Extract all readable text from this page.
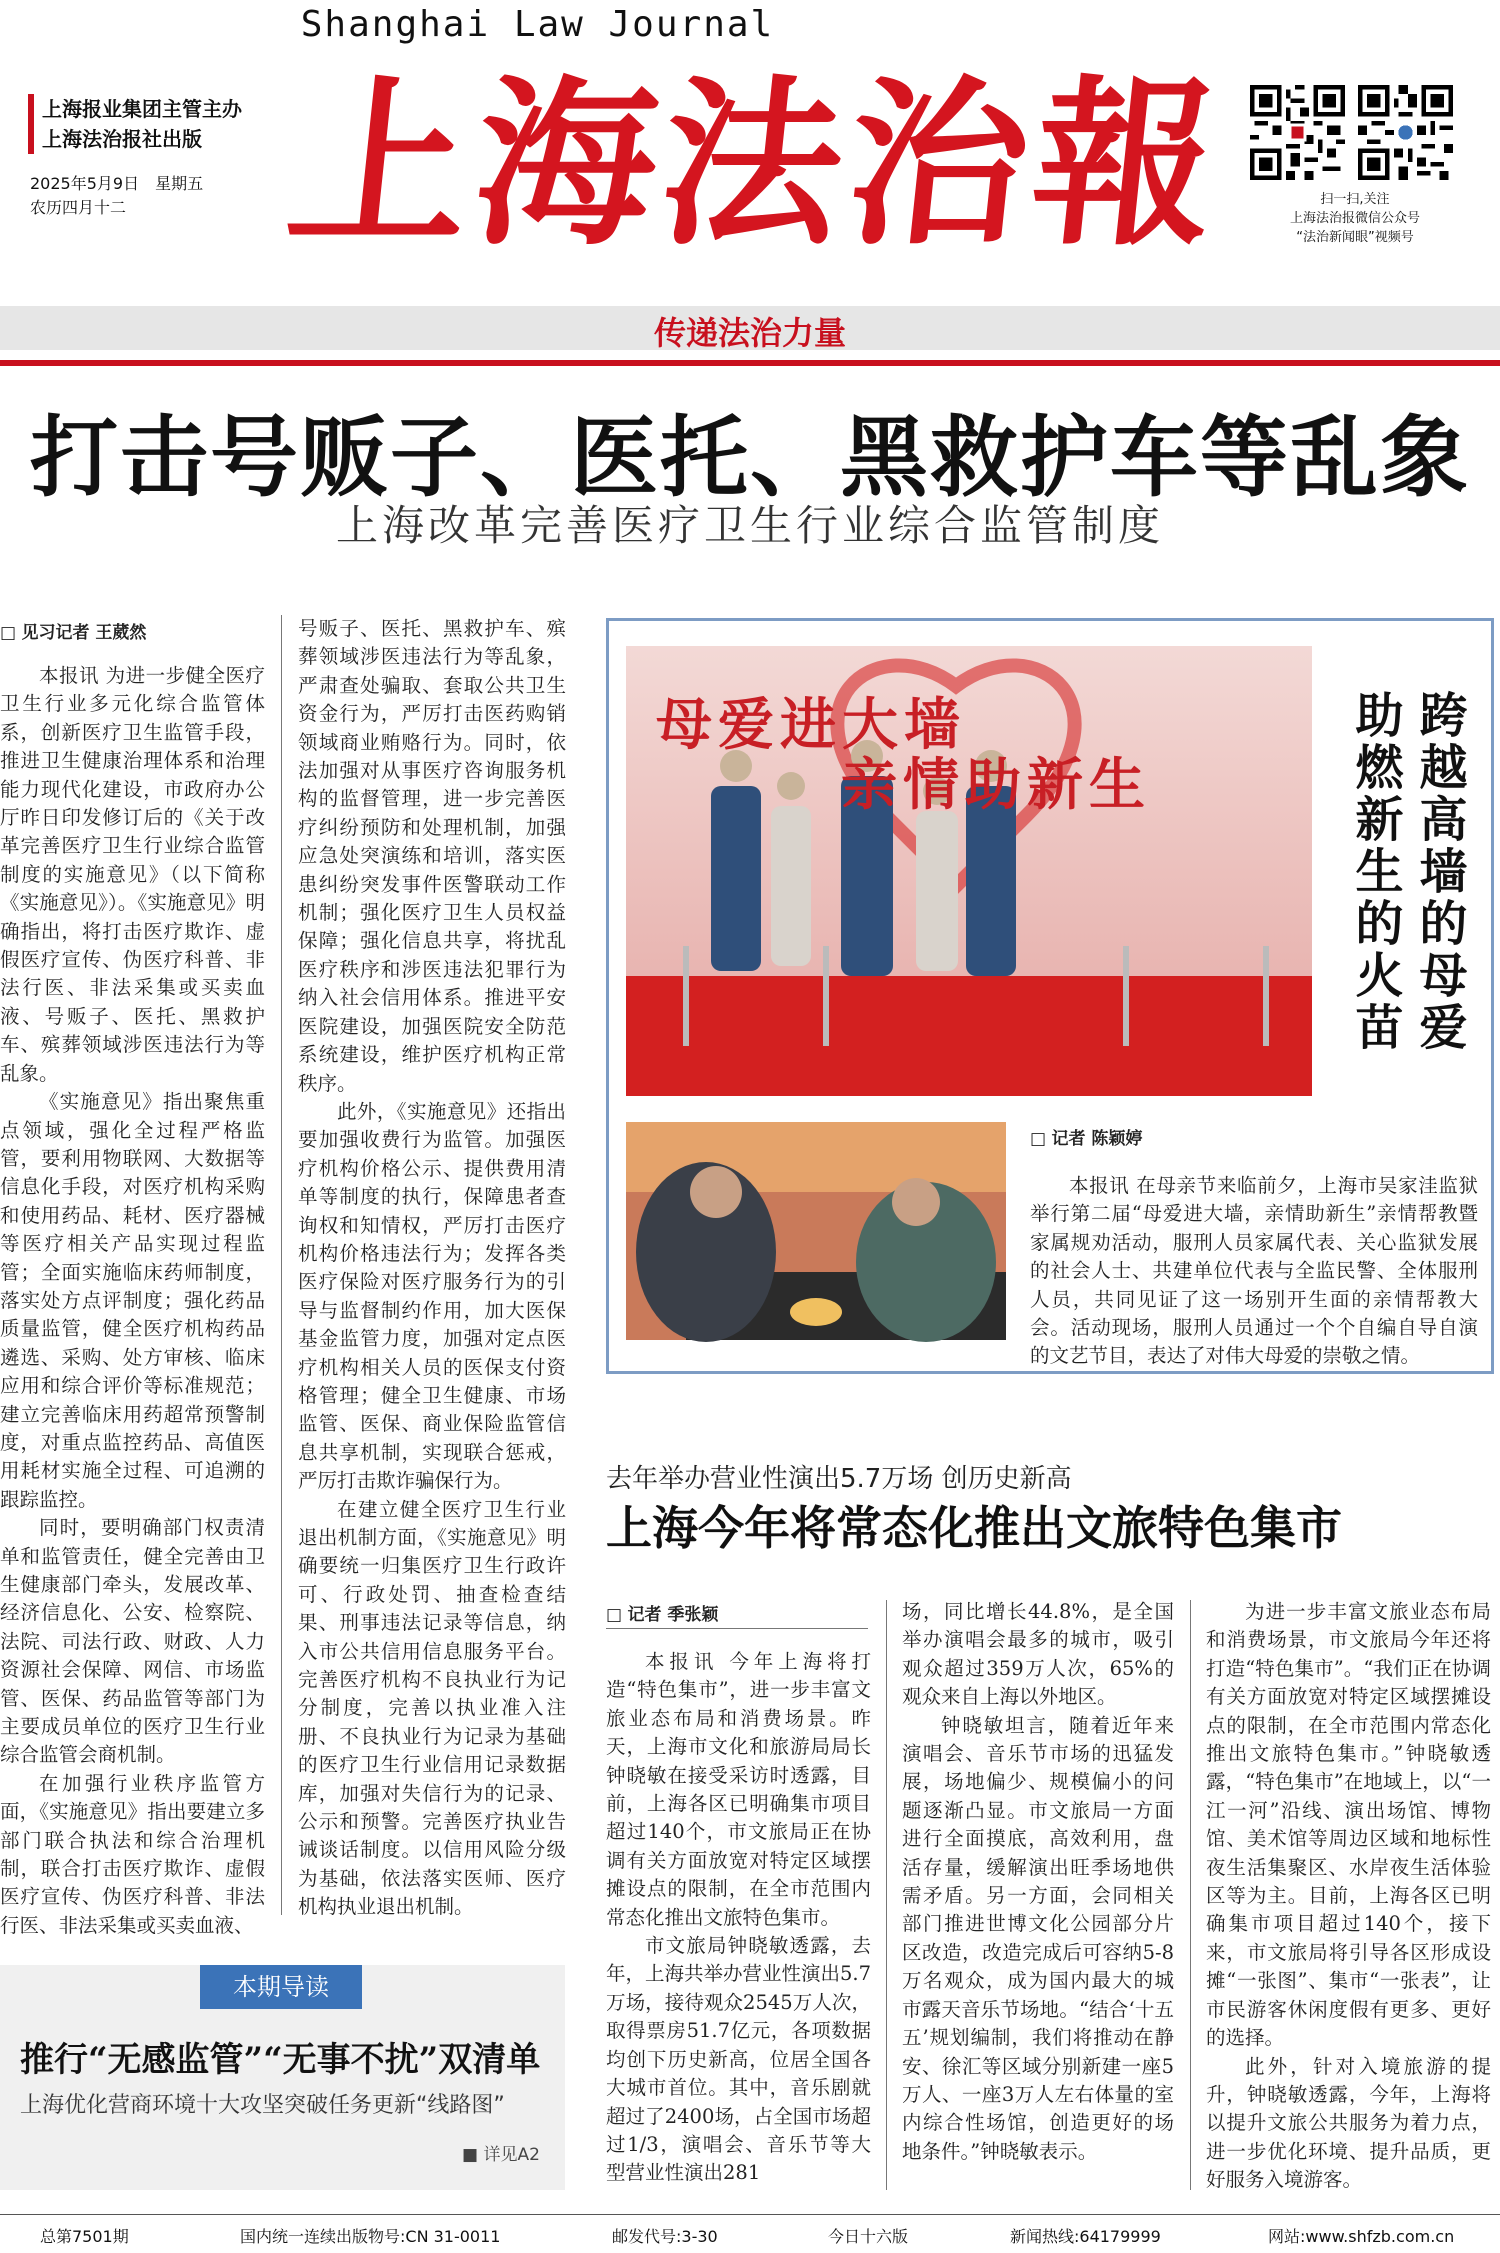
Shanghai Law Journal
上海报业集团主管主办
上海法治报社出版
2025年5月9日　星期五
农历四月十二 上海法治報	扫一扫,关注
上海法治报微信公众号
“法治新闻眼”视频号
传递法治力量
打击号贩子、医托、黑救护车等乱象
上海改革完善医疗卫生行业综合监管制度
□ 见习记者 王葳然

本报讯 为进一步健全医疗卫生行业多元化综合监管体系，创新医疗卫生监管手段，推进卫生健康治理体系和治理能力现代化建设，市政府办公厅昨日印发修订后的《关于改革完善医疗卫生行业综合监管制度的实施意见》（以下简称《实施意见》）。《实施意见》明确指出，将打击医疗欺诈、虚假医疗宣传、伪医疗科普、非法行医、非法采集或买卖血液、号贩子、医托、黑救护车、殡葬领域涉医违法行为等乱象。

《实施意见》指出聚焦重点领域，强化全过程严格监管，要利用物联网、大数据等信息化手段，对医疗机构采购和使用药品、耗材、医疗器械等医疗相关产品实现过程监管；全面实施临床药师制度，落实处方点评制度；强化药品质量监管，健全医疗机构药品遴选、采购、处方审核、临床应用和综合评价等标准规范；建立完善临床用药超常预警制度，对重点监控药品、高值医用耗材实施全过程、可追溯的跟踪监控。

同时，要明确部门权责清单和监管责任，健全完善由卫生健康部门牵头，发展改革、经济信息化、公安、检察院、法院、司法行政、财政、人力资源社会保障、网信、市场监管、医保、药品监管等部门为主要成员单位的医疗卫生行业综合监管会商机制。

在加强行业秩序监管方面，《实施意见》指出要建立多部门联合执法和综合治理机制，联合打击医疗欺诈、虚假医疗宣传、伪医疗科普、非法行医、非法采集或买卖血液、

号贩子、医托、黑救护车、殡葬领域涉医违法行为等乱象，严肃查处骗取、套取公共卫生资金行为，严厉打击医药购销领域商业贿赂行为。同时，依法加强对从事医疗咨询服务机构的监督管理，进一步完善医疗纠纷预防和处理机制，加强应急处突演练和培训，落实医患纠纷突发事件医警联动工作机制；强化医疗卫生人员权益保障；强化信息共享，将扰乱医疗秩序和涉医违法犯罪行为纳入社会信用体系。推进平安医院建设，加强医院安全防范系统建设，维护医疗机构正常秩序。

此外，《实施意见》还指出要加强收费行为监管。加强医疗机构价格公示、提供费用清单等制度的执行，保障患者查询权和知情权，严厉打击医疗机构价格违法行为；发挥各类医疗保险对医疗服务行为的引导与监督制约作用，加大医保基金监管力度，加强对定点医疗机构相关人员的医保支付资格管理；健全卫生健康、市场监管、医保、商业保险监管信息共享机制，实现联合惩戒，严厉打击欺诈骗保行为。

在建立健全医疗卫生行业退出机制方面，《实施意见》明确要统一归集医疗卫生行政许可、行政处罚、抽查检查结果、刑事违法记录等信息，纳入市公共信用信息服务平台。完善医疗机构不良执业行为记分制度，完善以执业准入注册、不良执业行为记录为基础的医疗卫生行业信用记录数据库，加强对失信行为的记录、公示和预警。完善医疗执业告诫谈话制度。以信用风险分级为基础，依法落实医师、医疗机构执业退出机制。

母爱进大墙
亲情助新生	跨越高墙的母爱
助燃新生的火苗
□ 记者 陈颖婷

本报讯 在母亲节来临前夕，上海市吴家洼监狱举行第二届“母爱进大墙，亲情助新生”亲情帮教暨家属规劝活动，服刑人员家属代表、关心监狱发展的社会人士、共建单位代表与全监民警、全体服刑人员，共同见证了这一场别开生面的亲情帮教大会。活动现场，服刑人员通过一个个自编自导自演的文艺节目，表达了对伟大母爱的崇敬之情。

去年举办营业性演出5.7万场 创历史新高
上海今年将常态化推出文旅特色集市
□ 记者 季张颖

本报讯 今年上海将打造“特色集市”，进一步丰富文旅业态布局和消费场景。昨天，上海市文化和旅游局局长钟晓敏在接受采访时透露，目前，上海各区已明确集市项目超过140个，市文旅局正在协调有关方面放宽对特定区域摆摊设点的限制，在全市范围内常态化推出文旅特色集市。

市文旅局钟晓敏透露，去年，上海共举办营业性演出5.7万场，接待观众2545万人次，取得票房51.7亿元，各项数据均创下历史新高，位居全国各大城市首位。其中，音乐剧就超过了2400场，占全国市场超过1/3，演唱会、音乐节等大型营业性演出281

场，同比增长44.8%，是全国举办演唱会最多的城市，吸引观众超过359万人次，65%的观众来自上海以外地区。

钟晓敏坦言，随着近年来演唱会、音乐节市场的迅猛发展，场地偏少、规模偏小的问题逐渐凸显。市文旅局一方面进行全面摸底，高效利用，盘活存量，缓解演出旺季场地供需矛盾。另一方面，会同相关部门推进世博文化公园部分片区改造，改造完成后可容纳5-8万名观众，成为国内最大的城市露天音乐节场地。“结合‘十五五’规划编制，我们将推动在静安、徐汇等区域分别新建一座5万人、一座3万人左右体量的室内综合性场馆，创造更好的场地条件。”钟晓敏表示。

为进一步丰富文旅业态布局和消费场景，市文旅局今年还将打造“特色集市”。“我们正在协调有关方面放宽对特定区域摆摊设点的限制，在全市范围内常态化推出文旅特色集市。”钟晓敏透露，“特色集市”在地域上，以“一江一河”沿线、演出场馆、博物馆、美术馆等周边区域和地标性夜生活集聚区、水岸夜生活体验区等为主。目前，上海各区已明确集市项目超过140个，接下来，市文旅局将引导各区形成设摊“一张图”、集市“一张表”，让市民游客休闲度假有更多、更好的选择。

此外，针对入境旅游的提升，钟晓敏透露，今年，上海将以提升文旅公共服务为着力点，进一步优化环境、提升品质，更好服务入境游客。

本期导读
推行“无感监管”“无事不扰”双清单
上海优化营商环境十大攻坚突破任务更新“线路图”
■ 详见A2
总第7501期	国内统一连续出版物号:CN 31-0011	邮发代号:3-30	今日十六版	新闻热线:64179999	网站:www.shfzb.com.cn
